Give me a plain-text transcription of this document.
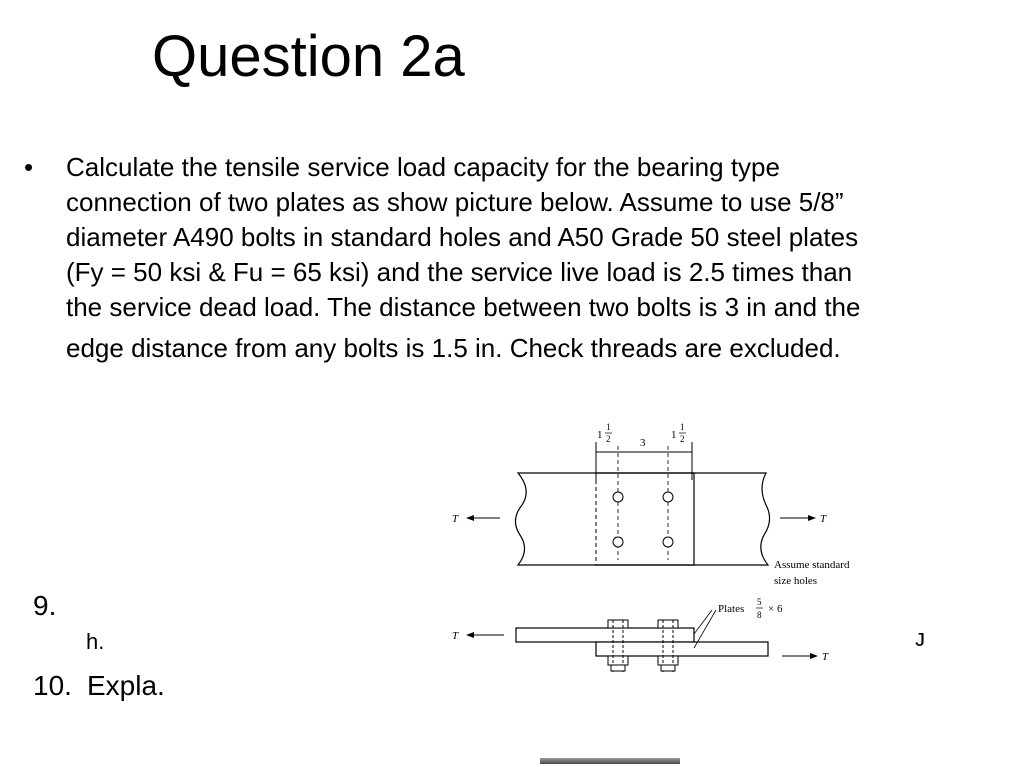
Question 2a
• Calculate the tensile service load capacity for the bearing type

connection of two plates as show picture below. Assume to use 5/8”

diameter A490 bolts in standard holes and A50 Grade 50 steel plates

(Fy = 50 ksi & Fu = 65 ksi) and the service live load is 2.5 times than

the service dead load. The distance between two bolts is 3 in and the

edge distance from any bolts is 1.5 in. Check threads are excluded.

1
1
2	3
1
1
2
T	T
Assume standard
size holes
Plates
5
8 × 6
T
T
9.
h.
10. Expla.
ᴊ
